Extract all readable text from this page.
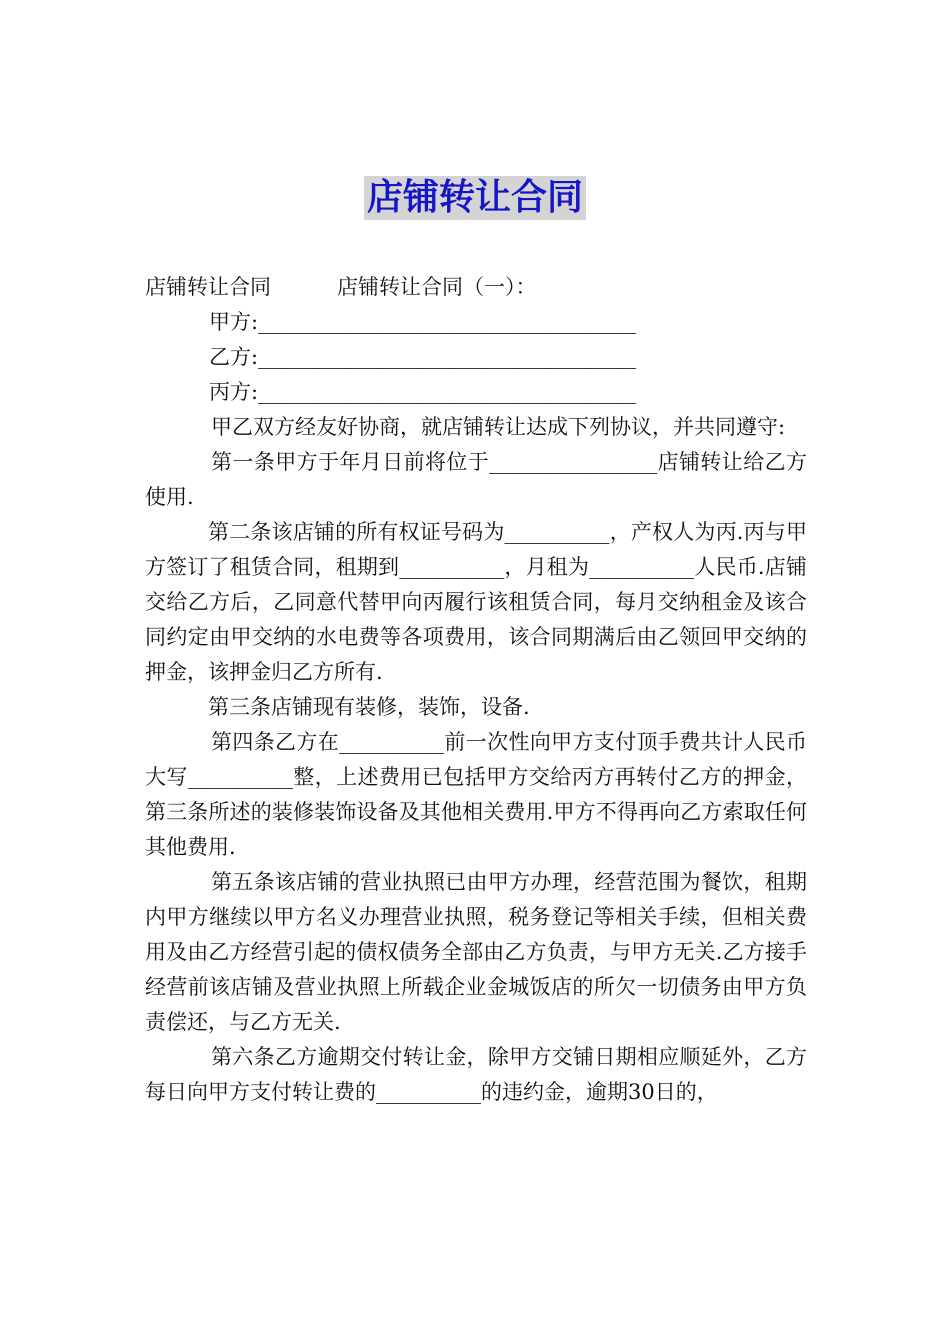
店铺转让合同

店铺转让合同	店铺转让合同（一）：

甲方:____________________________________

乙方:____________________________________

丙方:____________________________________

甲乙双方经友好协商，就店铺转让达成下列协议，并共同遵守:

第一条甲方于年月日前将位于________________店铺转让给乙方使用.

第二条该店铺的所有权证号码为__________，产权人为丙.丙与甲方签订了租赁合同，租期到__________，月租为__________人民币.店铺交给乙方后，乙同意代替甲向丙履行该租赁合同，每月交纳租金及该合同约定由甲交纳的水电费等各项费用，该合同期满后由乙领回甲交纳的押金，该押金归乙方所有.

第三条店铺现有装修，装饰，设备.

第四条乙方在__________前一次性向甲方支付顶手费共计人民币大写__________整，上述费用已包括甲方交给丙方再转付乙方的押金，第三条所述的装修装饰设备及其他相关费用.甲方不得再向乙方索取任何其他费用.

第五条该店铺的营业执照已由甲方办理，经营范围为餐饮，租期内甲方继续以甲方名义办理营业执照，税务登记等相关手续，但相关费用及由乙方经营引起的债权债务全部由乙方负责，与甲方无关.乙方接手经营前该店铺及营业执照上所载企业金城饭店的所欠一切债务由甲方负责偿还，与乙方无关.

第六条乙方逾期交付转让金，除甲方交铺日期相应顺延外，乙方每日向甲方支付转让费的__________的违约金，逾期30日的，
